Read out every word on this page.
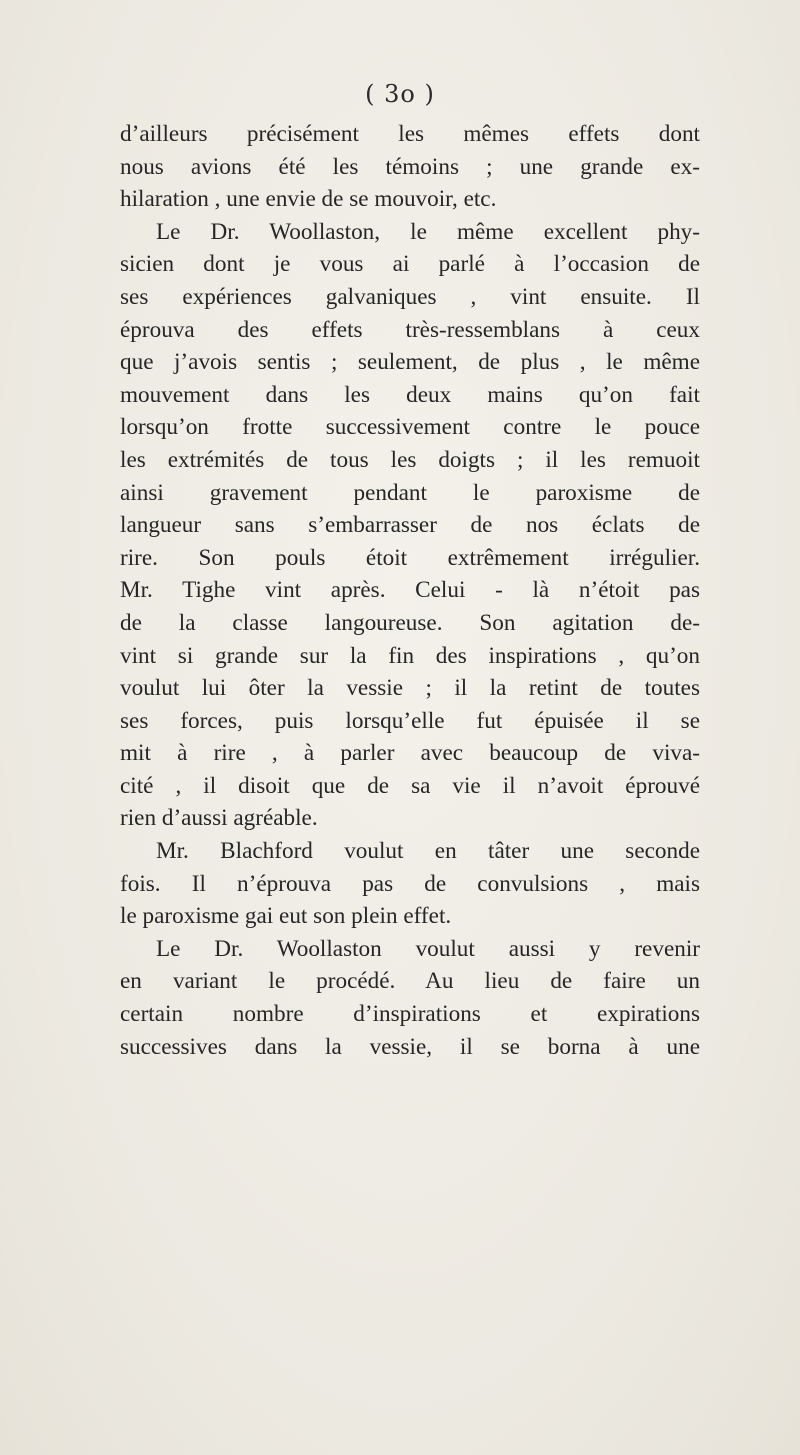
( 3o )
d’ailleurs précisément les mêmes effets dont
nous avions été les témoins ; une grande ex-
hilaration , une envie de se mouvoir, etc.
Le Dr. Woollaston, le même excellent phy-
sicien dont je vous ai parlé à l’occasion de
ses expériences galvaniques , vint ensuite. Il
éprouva des effets très-ressemblans à ceux
que j’avois sentis ; seulement, de plus , le même
mouvement dans les deux mains qu’on fait
lorsqu’on frotte successivement contre le pouce
les extrémités de tous les doigts ; il les remuoit
ainsi gravement pendant le paroxisme de
langueur sans s’embarrasser de nos éclats de
rire. Son pouls étoit extrêmement irrégulier.
Mr. Tighe vint après. Celui - là n’étoit pas
de la classe langoureuse. Son agitation de-
vint si grande sur la fin des inspirations , qu’on
voulut lui ôter la vessie ; il la retint de toutes
ses forces, puis lorsqu’elle fut épuisée il se
mit à rire , à parler avec beaucoup de viva-
cité , il disoit que de sa vie il n’avoit éprouvé
rien d’aussi agréable.
Mr. Blachford voulut en tâter une seconde
fois. Il n’éprouva pas de convulsions , mais
le paroxisme gai eut son plein effet.
Le Dr. Woollaston voulut aussi y revenir
en variant le procédé. Au lieu de faire un
certain nombre d’inspirations et expirations
successives dans la vessie, il se borna à une
